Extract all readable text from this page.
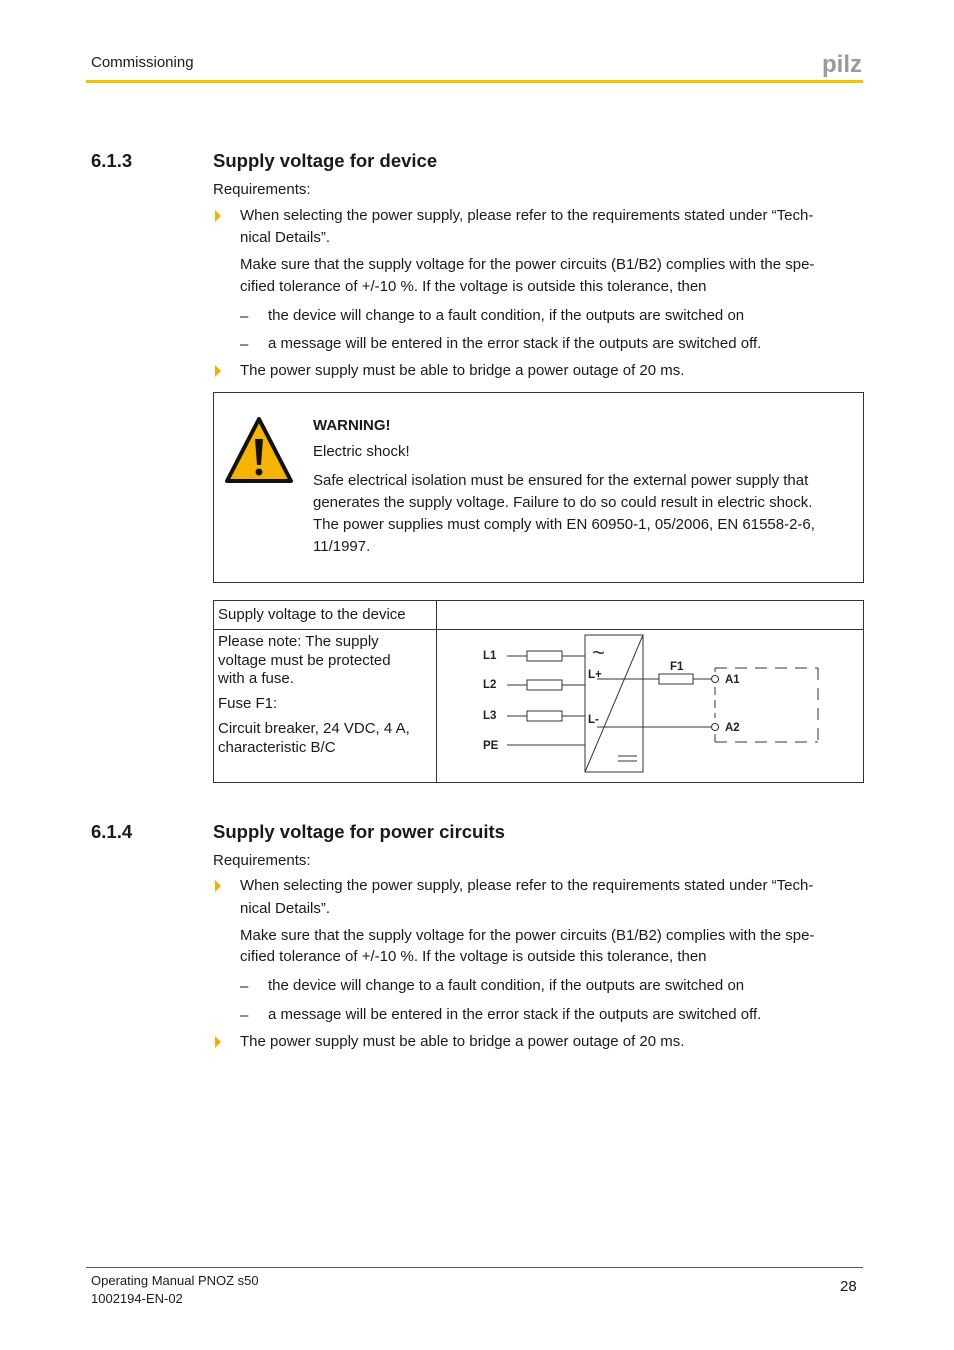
Commissioning	pilz
6.1.3	Supply voltage for device
Requirements:
When selecting the power supply, please refer to the requirements stated under “Tech-
nical Details”.
Make sure that the supply voltage for the power circuits (B1/B2) complies with the spe-
cified tolerance of +/-10 %. If the voltage is outside this tolerance, then
– the device will change to a fault condition, if the outputs are switched on
– a message will be entered in the error stack if the outputs are switched off.
The power supply must be able to bridge a power outage of 20 ms.
WARNING!
Electric shock!
Safe electrical isolation must be ensured for the external power supply that
generates the supply voltage. Failure to do so could result in electric shock.
The power supplies must comply with EN 60950-1, 05/2006, EN 61558-2-6,
11/1997.
Supply voltage to the device
Please note: The supply
voltage must be protected
with a fuse.
Fuse F1:
Circuit breaker, 24 VDC, 4 A,
characteristic B/C
L1
L2
L3
PE
L+
L-
F1
A1
A2
~
6.1.4	Supply voltage for power circuits
Requirements:
When selecting the power supply, please refer to the requirements stated under “Tech-
nical Details”.
Make sure that the supply voltage for the power circuits (B1/B2) complies with the spe-
cified tolerance of +/-10 %. If the voltage is outside this tolerance, then
– the device will change to a fault condition, if the outputs are switched on
– a message will be entered in the error stack if the outputs are switched off.
The power supply must be able to bridge a power outage of 20 ms.
Operating Manual PNOZ s50
1002194-EN-02
28
